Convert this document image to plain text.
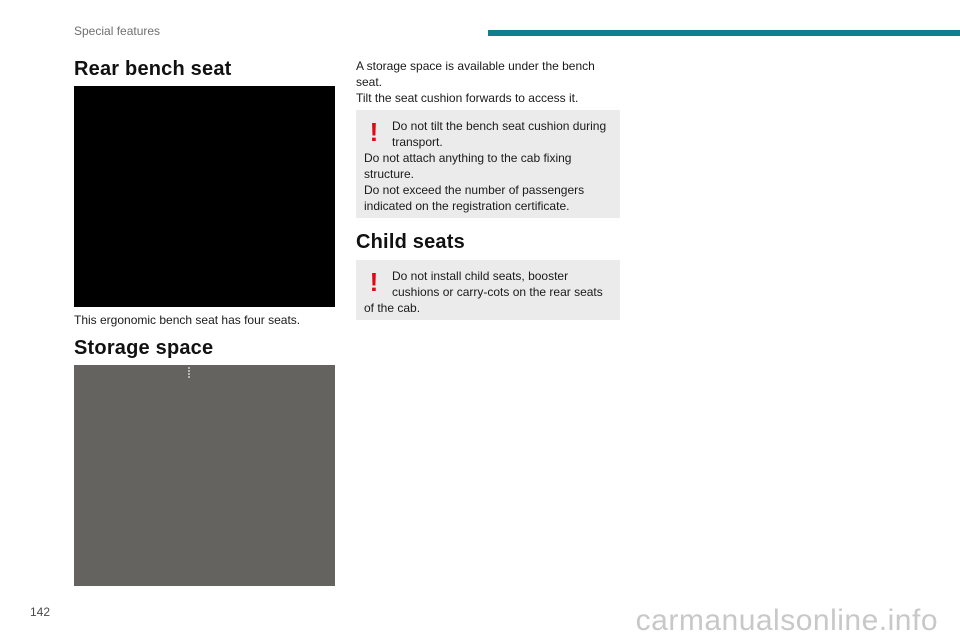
Special features
Rear bench seat
This ergonomic bench seat has four seats.
Storage space

A storage space is available under the bench seat.

Tilt the seat cushion forwards to access it.

!	Do not tilt the bench seat cushion during transport.

Do not attach anything to the cab fixing structure.

Do not exceed the number of passengers indicated on the registration certificate.

Child seats
!	Do not install child seats, booster cushions or carry-cots on the rear seats of the cab.

142	carmanualsonline.info
